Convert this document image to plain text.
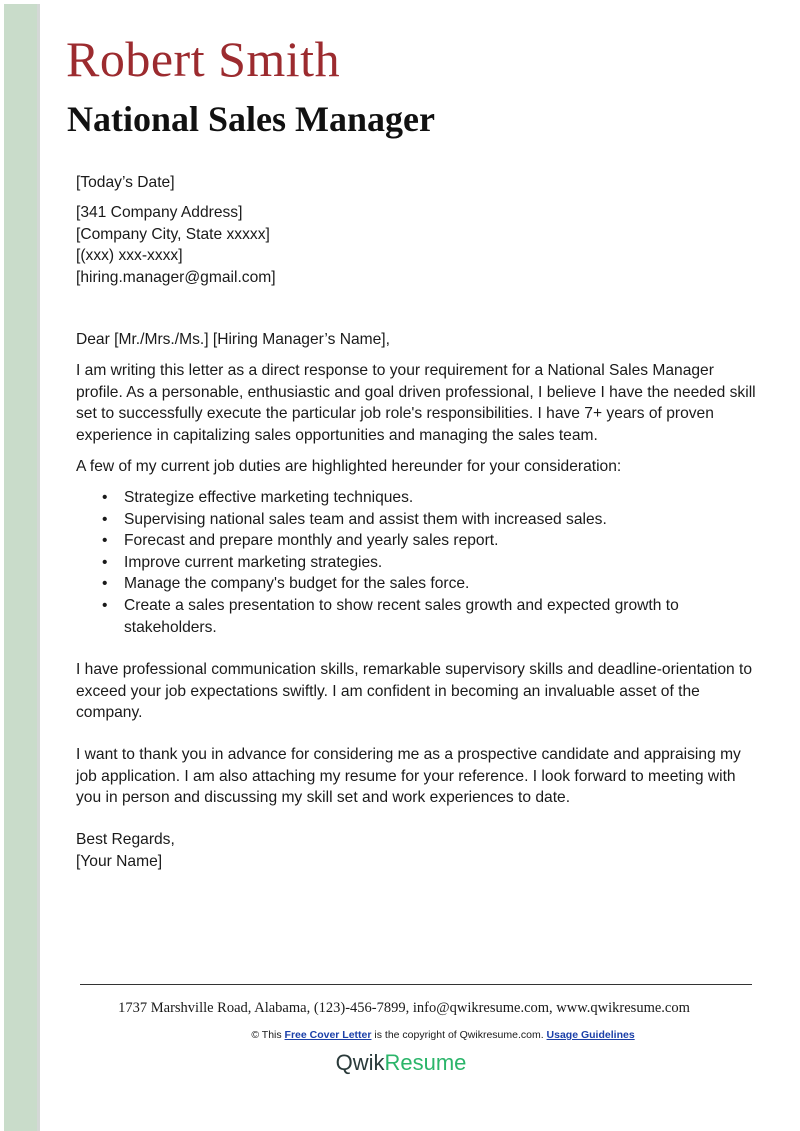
Robert Smith
National Sales Manager

[Today’s Date]

[341 Company Address]

[Company City, State xxxxx]

[(xxx) xxx-xxxx]

[hiring.manager@gmail.com]

Dear [Mr./Mrs./Ms.] [Hiring Manager’s Name],

I am writing this letter as a direct response to your requirement for a National Sales Manager profile. As a personable, enthusiastic and goal driven professional, I believe I have the needed skill set to successfully execute the particular job role's responsibilities. I have 7+ years of proven experience in capitalizing sales opportunities and managing the sales team.

A few of my current job duties are highlighted hereunder for your consideration:

• Strategize effective marketing techniques.
• Supervising national sales team and assist them with increased sales.
• Forecast and prepare monthly and yearly sales report.
• Improve current marketing strategies.
• Manage the company's budget for the sales force.
• Create a sales presentation to show recent sales growth and expected growth to stakeholders.

I have professional communication skills, remarkable supervisory skills and deadline-orientation to exceed your job expectations swiftly. I am confident in becoming an invaluable asset of the company.

I want to thank you in advance for considering me as a prospective candidate and appraising my job application. I am also attaching my resume for your reference. I look forward to meeting with you in person and discussing my skill set and work experiences to date.

Best Regards,

[Your Name]

1737 Marshville Road, Alabama, (123)-456-7899, info@qwikresume.com, www.qwikresume.com
© This Free Cover Letter is the copyright of Qwikresume.com. Usage Guidelines
QwikResume
